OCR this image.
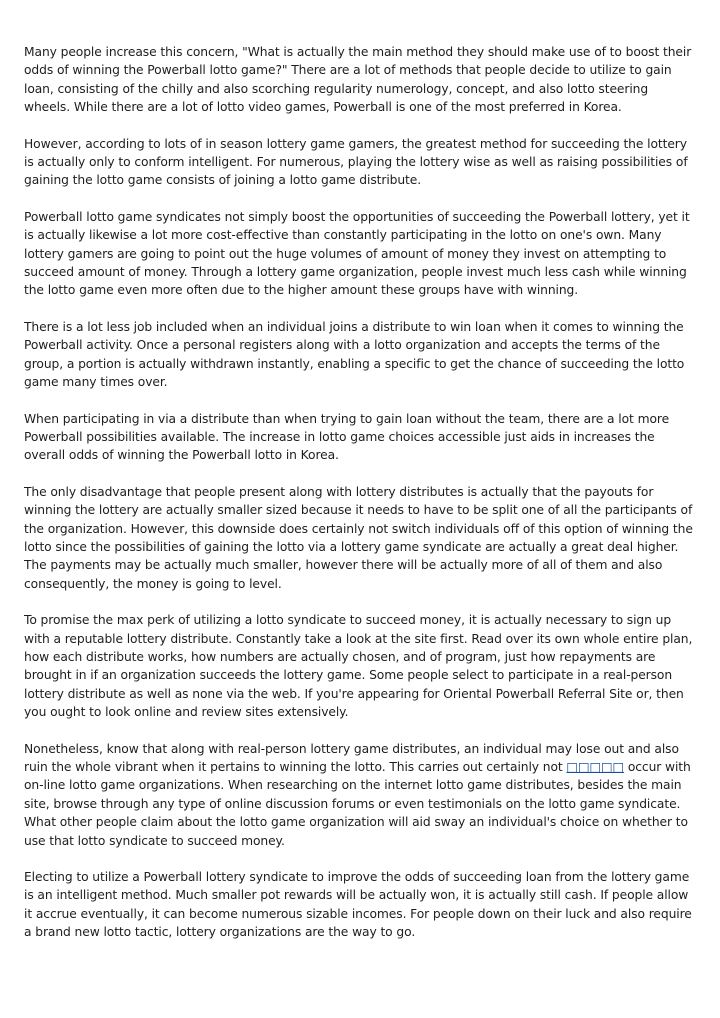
Many people increase this concern, "What is actually the main method they should make use of to boost their odds of winning the Powerball lotto game?" There are a lot of methods that people decide to utilize to gain loan, consisting of the chilly and also scorching regularity numerology, concept, and also lotto steering wheels. While there are a lot of lotto video games, Powerball is one of the most preferred in Korea.

However, according to lots of in season lottery game gamers, the greatest method for succeeding the lottery is actually only to conform intelligent. For numerous, playing the lottery wise as well as raising possibilities of gaining the lotto game consists of joining a lotto game distribute.

Powerball lotto game syndicates not simply boost the opportunities of succeeding the Powerball lottery, yet it is actually likewise a lot more cost-effective than constantly participating in the lotto on one's own. Many lottery gamers are going to point out the huge volumes of amount of money they invest on attempting to succeed amount of money. Through a lottery game organization, people invest much less cash while winning the lotto game even more often due to the higher amount these groups have with winning.

There is a lot less job included when an individual joins a distribute to win loan when it comes to winning the Powerball activity. Once a personal registers along with a lotto organization and accepts the terms of the group, a portion is actually withdrawn instantly, enabling a specific to get the chance of succeeding the lotto game many times over.

When participating in via a distribute than when trying to gain loan without the team, there are a lot more Powerball possibilities available. The increase in lotto game choices accessible just aids in increases the overall odds of winning the Powerball lotto in Korea.

The only disadvantage that people present along with lottery distributes is actually that the payouts for winning the lottery are actually smaller sized because it needs to have to be split one of all the participants of the organization. However, this downside does certainly not switch individuals off of this option of winning the lotto since the possibilities of gaining the lotto via a lottery game syndicate are actually a great deal higher. The payments may be actually much smaller, however there will be actually more of all of them and also consequently, the money is going to level.

To promise the max perk of utilizing a lotto syndicate to succeed money, it is actually necessary to sign up with a reputable lottery distribute. Constantly take a look at the site first. Read over its own whole entire plan, how each distribute works, how numbers are actually chosen, and of program, just how repayments are brought in if an organization succeeds the lottery game. Some people select to participate in a real-person lottery distribute as well as none via the web. If you're appearing for Oriental Powerball Referral Site or, then you ought to look online and review sites extensively.

Nonetheless, know that along with real-person lottery game distributes, an individual may lose out and also ruin the whole vibrant when it pertains to winning the lotto. This carries out certainly not □□□□□ occur with on-line lotto game organizations. When researching on the internet lotto game distributes, besides the main site, browse through any type of online discussion forums or even testimonials on the lotto game syndicate. What other people claim about the lotto game organization will aid sway an individual's choice on whether to use that lotto syndicate to succeed money.

Electing to utilize a Powerball lottery syndicate to improve the odds of succeeding loan from the lottery game is an intelligent method. Much smaller pot rewards will be actually won, it is actually still cash. If people allow it accrue eventually, it can become numerous sizable incomes. For people down on their luck and also require a brand new lotto tactic, lottery organizations are the way to go.
